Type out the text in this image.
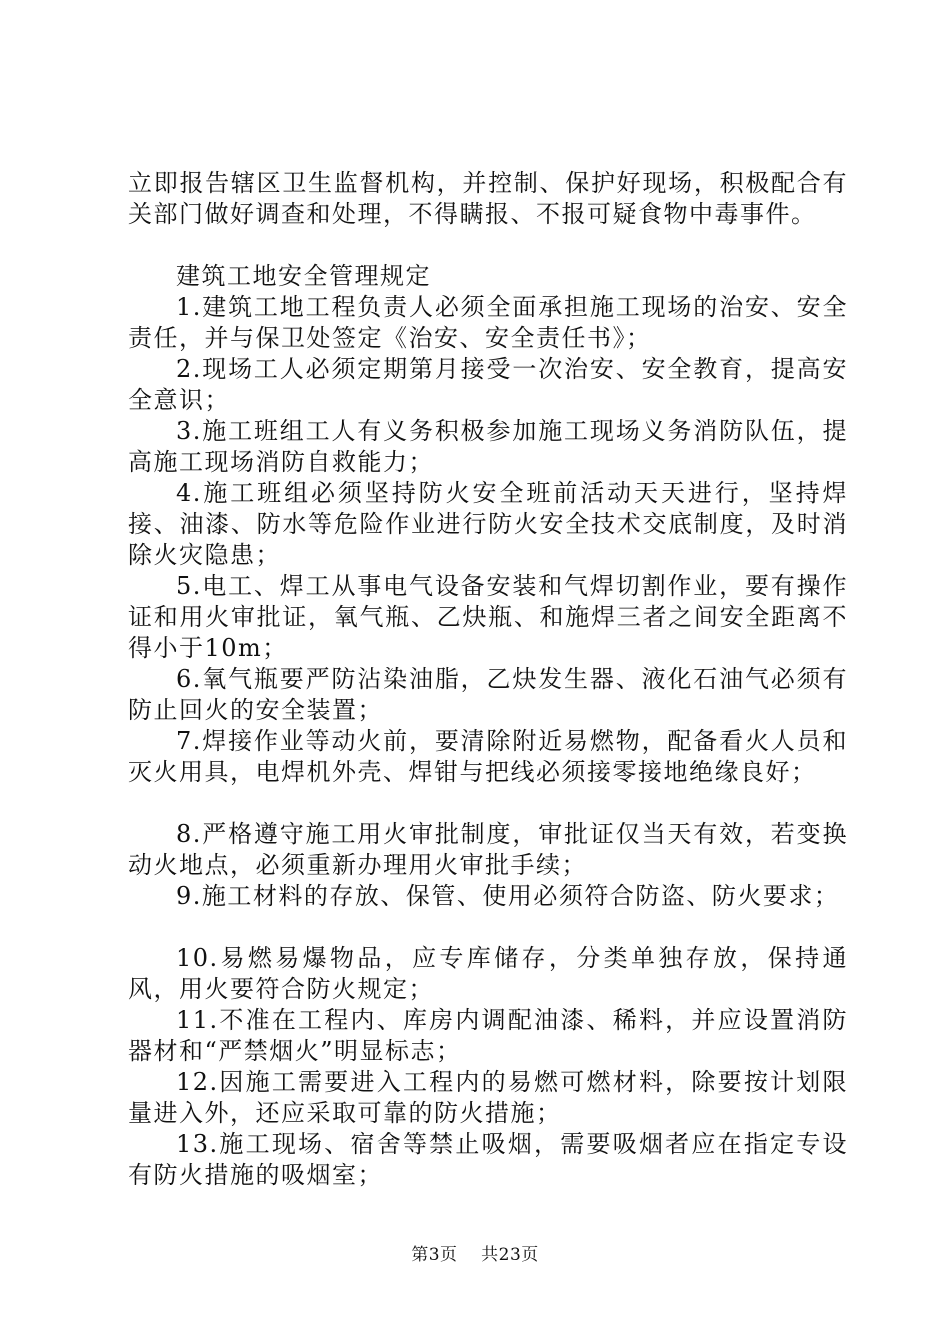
立即报告辖区卫生监督机构，并控制、保护好现场，积极配合有关部门做好调查和处理，不得瞒报、不报可疑食物中毒事件。

建筑工地安全管理规定

1.建筑工地工程负责人必须全面承担施工现场的治安、安全责任，并与保卫处签定《治安、安全责任书》；

2.现场工人必须定期第月接受一次治安、安全教育，提高安全意识；

3.施工班组工人有义务积极参加施工现场义务消防队伍，提高施工现场消防自救能力；

4.施工班组必须坚持防火安全班前活动天天进行，坚持焊接、油漆、防水等危险作业进行防火安全技术交底制度，及时消除火灾隐患；

5.电工、焊工从事电气设备安装和气焊切割作业，要有操作证和用火审批证，氧气瓶、乙炔瓶、和施焊三者之间安全距离不得小于10m；

6.氧气瓶要严防沾染油脂，乙炔发生器、液化石油气必须有防止回火的安全装置；

7.焊接作业等动火前，要清除附近易燃物，配备看火人员和灭火用具，电焊机外壳、焊钳与把线必须接零接地绝缘良好；

8.严格遵守施工用火审批制度，审批证仅当天有效，若变换动火地点，必须重新办理用火审批手续；

9.施工材料的存放、保管、使用必须符合防盗、防火要求；

10.易燃易爆物品，应专库储存，分类单独存放，保持通风，用火要符合防火规定；

11.不准在工程内、库房内调配油漆、稀料，并应设置消防器材和“严禁烟火”明显标志；

12.因施工需要进入工程内的易燃可燃材料，除要按计划限量进入外，还应采取可靠的防火措施；

13.施工现场、宿舍等禁止吸烟，需要吸烟者应在指定专设有防火措施的吸烟室；

第3页 共23页
